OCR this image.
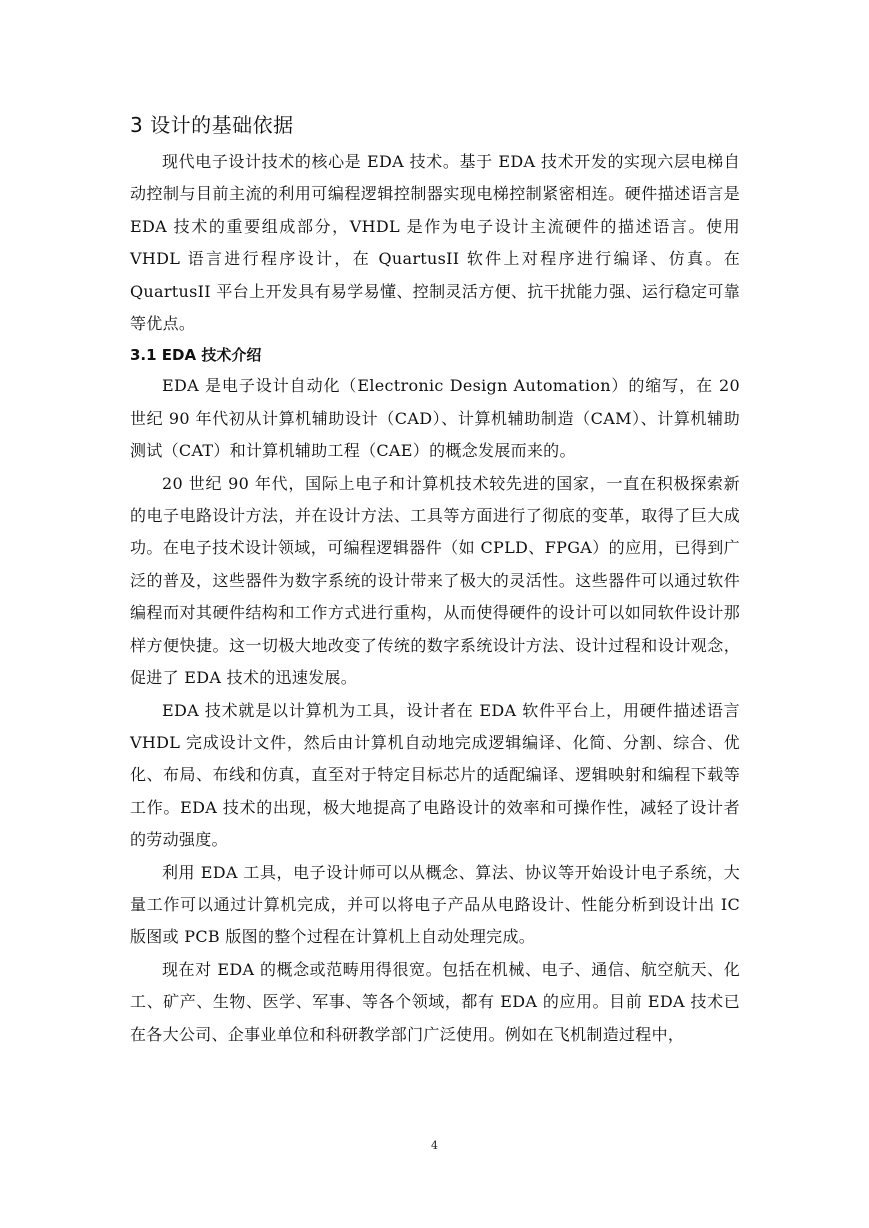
3 设计的基础依据

现代电子设计技术的核心是 EDA 技术。基于 EDA 技术开发的实现六层电梯自动控制与目前主流的利用可编程逻辑控制器实现电梯控制紧密相连。硬件描述语言是 EDA 技术的重要组成部分，VHDL 是作为电子设计主流硬件的描述语言。使用 VHDL 语言进行程序设计，在 QuartusII 软件上对程序进行编译、仿真。在 QuartusII 平台上开发具有易学易懂、控制灵活方便、抗干扰能力强、运行稳定可靠等优点。

3.1 EDA 技术介绍

EDA 是电子设计自动化（Electronic Design Automation）的缩写，在 20 世纪 90 年代初从计算机辅助设计（CAD）、计算机辅助制造（CAM）、计算机辅助测试（CAT）和计算机辅助工程（CAE）的概念发展而来的。

20 世纪 90 年代，国际上电子和计算机技术较先进的国家，一直在积极探索新的电子电路设计方法，并在设计方法、工具等方面进行了彻底的变革，取得了巨大成功。在电子技术设计领域，可编程逻辑器件（如 CPLD、FPGA）的应用，已得到广泛的普及，这些器件为数字系统的设计带来了极大的灵活性。这些器件可以通过软件编程而对其硬件结构和工作方式进行重构，从而使得硬件的设计可以如同软件设计那样方便快捷。这一切极大地改变了传统的数字系统设计方法、设计过程和设计观念，促进了 EDA 技术的迅速发展。

EDA 技术就是以计算机为工具，设计者在 EDA 软件平台上，用硬件描述语言 VHDL 完成设计文件，然后由计算机自动地完成逻辑编译、化简、分割、综合、优化、布局、布线和仿真，直至对于特定目标芯片的适配编译、逻辑映射和编程下载等工作。EDA 技术的出现，极大地提高了电路设计的效率和可操作性，减轻了设计者的劳动强度。

利用 EDA 工具，电子设计师可以从概念、算法、协议等开始设计电子系统，大量工作可以通过计算机完成，并可以将电子产品从电路设计、性能分析到设计出 IC 版图或 PCB 版图的整个过程在计算机上自动处理完成。

现在对 EDA 的概念或范畴用得很宽。包括在机械、电子、通信、航空航天、化工、矿产、生物、医学、军事、等各个领域，都有 EDA 的应用。目前 EDA 技术已在各大公司、企事业单位和科研教学部门广泛使用。例如在飞机制造过程中，

4
